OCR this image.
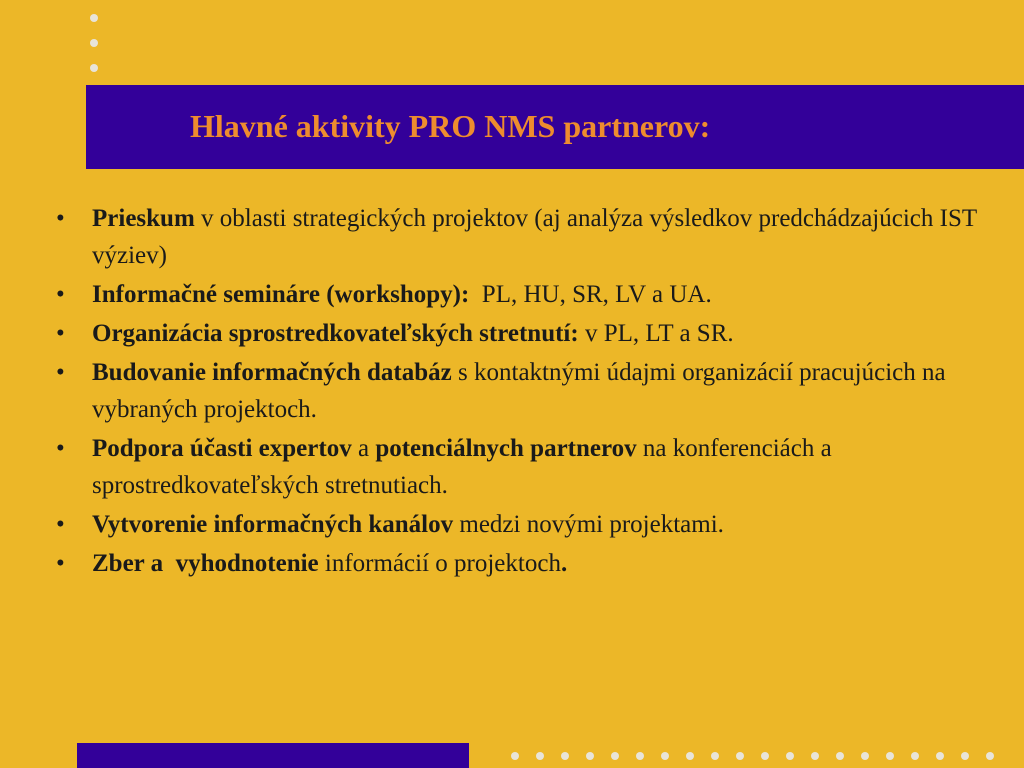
Hlavné aktivity PRO NMS partnerov:
• Prieskum v oblasti strategických projektov (aj analýza výsledkov predchádzajúcich IST výziev)
• Informačné semináre (workshopy):  PL, HU, SR, LV a UA.
• Organizácia sprostredkovateľských stretnutí: v PL, LT a SR.
• Budovanie informačných databáz s kontaktnými údajmi organizácií pracujúcich na vybraných projektoch.
• Podpora účasti expertov a potenciálnych partnerov na konferenciách a sprostredkovateľských stretnutiach.
• Vytvorenie informačných kanálov medzi novými projektami.
• Zber a  vyhodnotenie informácií o projektoch.
